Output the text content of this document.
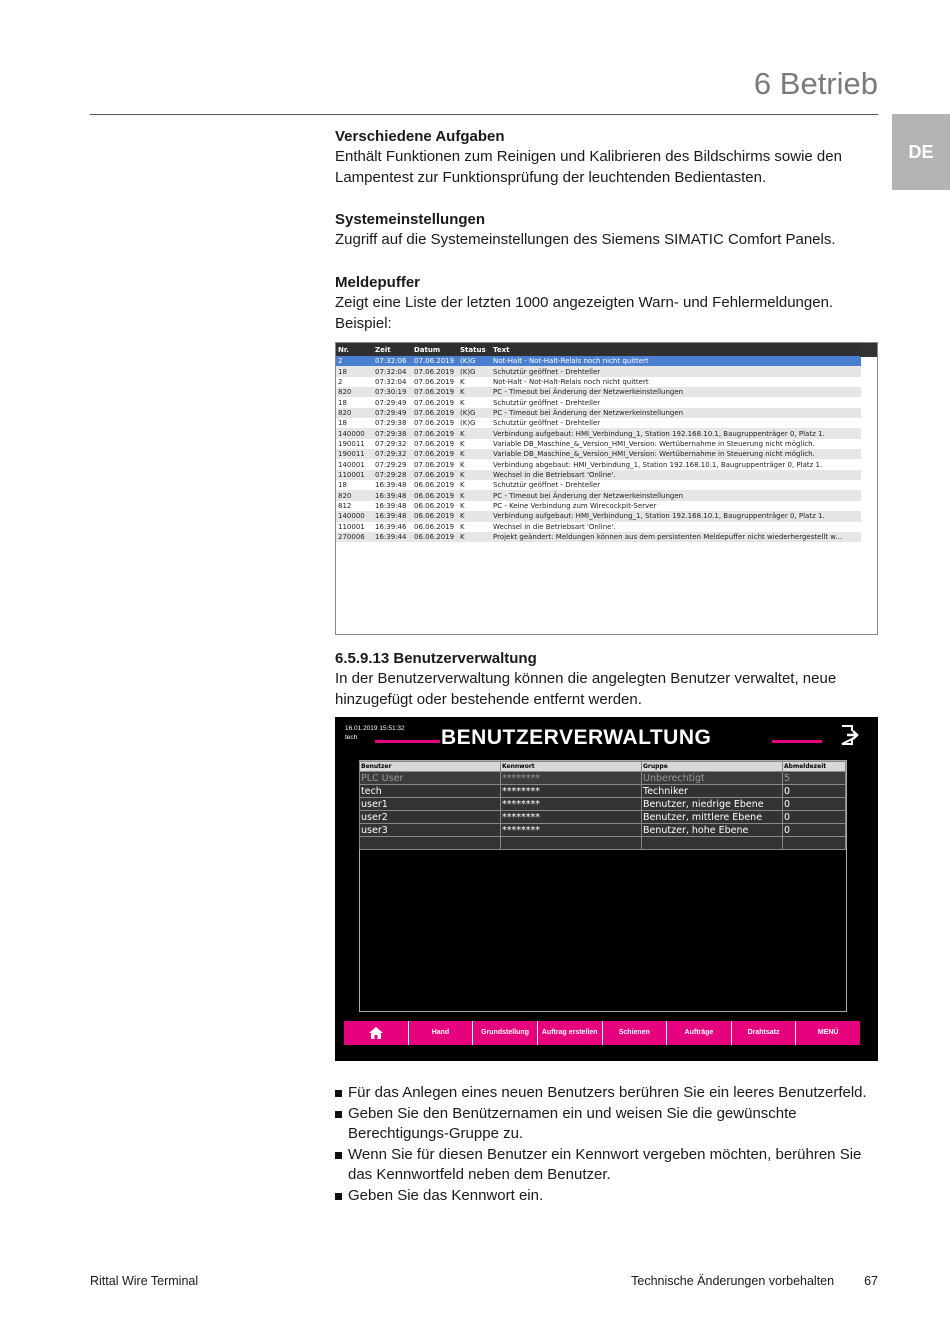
6 Betrieb
DE
Verschiedene Aufgaben
Enthält Funktionen zum Reinigen und Kalibrieren des Bildschirms sowie den Lampentest zur Funktionsprüfung der leuchtenden Bedientasten.
Systemeinstellungen
Zugriff auf die Systemeinstellungen des Siemens SIMATIC Comfort Panels.
Meldepuffer
Zeigt eine Liste der letzten 1000 angezeigten Warn- und Fehlermeldungen.
Beispiel:
Nr.	Zeit	Datum	Status	Text
2	07:32:06	07.06.2019	(K)G	Not-Halt - Not-Halt-Relais noch nicht quittert
18	07:32:04	07.06.2019	(K)G	Schutztür geöffnet - Drehteller
2	07:32:04	07.06.2019	K	Not-Halt - Not-Halt-Relais noch nicht quittert
820	07:30:19	07.06.2019	K	PC - Timeout bei Änderung der Netzwerkeinstellungen
18	07:29:49	07.06.2019	K	Schutztür geöffnet - Drehteller
820	07:29:49	07.06.2019	(K)G	PC - Timeout bei Änderung der Netzwerkeinstellungen
18	07:29:38	07.06.2019	(K)G	Schutztür geöffnet - Drehteller
140000	07:29:38	07.06.2019	K	Verbindung aufgebaut: HMI_Verbindung_1, Station 192.168.10.1, Baugruppenträger 0, Platz 1.
190011	07:29:32	07.06.2019	K	Variable DB_Maschine_&_Version_HMI_Version: Wertübernahme in Steuerung nicht möglich.
190011	07:29:32	07.06.2019	K	Variable DB_Maschine_&_Version_HMI_Version: Wertübernahme in Steuerung nicht möglich.
140001	07:29:29	07.06.2019	K	Verbindung abgebaut: HMI_Verbindung_1, Station 192.168.10.1, Baugruppenträger 0, Platz 1.
110001	07:29:28	07.06.2019	K	Wechsel in die Betriebsart 'Online'.
18	16:39:48	06.06.2019	K	Schutztür geöffnet - Drehteller
820	16:39:48	06.06.2019	K	PC - Timeout bei Änderung der Netzwerkeinstellungen
812	16:39:48	06.06.2019	K	PC - Keine Verbindung zum Wirecockpit-Server
140000	16:39:48	06.06.2019	K	Verbindung aufgebaut: HMI_Verbindung_1, Station 192.168.10.1, Baugruppenträger 0, Platz 1.
110001	16:39:46	06.06.2019	K	Wechsel in die Betriebsart 'Online'.
270006	16:39:44	06.06.2019	K	Projekt geändert: Meldungen können aus dem persistenten Meldepuffer nicht wiederhergestellt w...
6.5.9.13 Benutzerverwaltung
In der Benutzerverwaltung können die angelegten Benutzer verwaltet, neue hinzugefügt oder bestehende entfernt werden.
16.01.2019 15:51:32
tech	BENUTZERVERWALTUNG
Benutzer	Kennwort	Gruppe	Abmeldezeit
PLC User	********	Unberechtigt	5
tech	********	Techniker	0
user1	********	Benutzer, niedrige Ebene	0
user2	********	Benutzer, mittlere Ebene	0
user3	********	Benutzer, hohe Ebene	0

Hand	Grundstellung	Auftrag erstellen	Schienen	Aufträge	Drahtsatz	MENÜ
Für das Anlegen eines neuen Benutzers berühren Sie ein leeres Benutzerfeld.
Geben Sie den Benützernamen ein und weisen Sie die gewünschte Berechtigungs-Gruppe zu.
Wenn Sie für diesen Benutzer ein Kennwort vergeben möchten, berühren Sie das Kennwortfeld neben dem Benutzer.
Geben Sie das Kennwort ein.
Rittal Wire Terminal	Technische Änderungen vorbehalten 67
